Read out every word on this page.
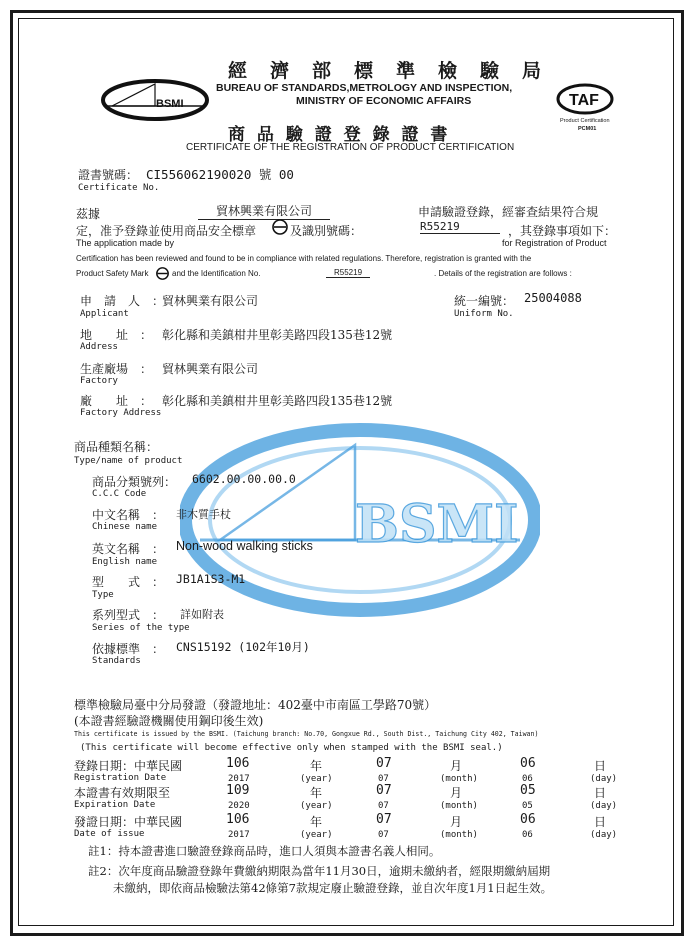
BSMI
BSMI
經　濟　部　標　準　檢　驗　局
BUREAU OF STANDARDS,METROLOGY AND INSPECTION,
MINISTRY OF ECONOMIC AFFAIRS	TAF
Product Certification
PCM01
商 品 驗 證 登 錄 證 書
CERTIFICATE OF THE REGISTRATION OF PRODUCT CERTIFICATION
證書號碼： CI556062190020 號 00
Certificate No.
茲據	貿林興業有限公司	申請驗證登錄，經審查結果符合規
定，准予登錄並使用商品安全標章	及識別號碼：	R55219	，其登錄事項如下：
The application made by	for Registration of Product
Certification has been reviewed and found to be in compliance with related regulations. Therefore, registration is granted with the
Product Safety Mark	and the Identification No.	R55219	. Details of the registration are follows :
申　請　人　：
貿林興業有限公司
Applicant
統一編號： 25004088
Uniform No.
地　　址　： 彰化縣和美鎮柑井里彰美路四段135巷12號
Address
生產廠場　： 貿林興業有限公司
Factory
廠　　址　： 彰化縣和美鎮柑井里彰美路四段135巷12號
Factory Address
商品種類名稱：
Type/name of product
商品分類號列： 6602.00.00.00.0
C.C.C Code
中文名稱　： 非木質手杖
Chinese name
英文名稱　： Non-wood walking sticks
English name
型　　式　： JB1A1S3-M1
Type
系列型式　： 詳如附表
Series of the type
依據標準　： CNS15192 (102年10月)
Standards
標準檢驗局臺中分局發證（發證地址：402臺中市南區工學路70號）
(本證書經驗證機關使用鋼印後生效)
This certificate is issued by the BSMI. (Taichung branch: No.70, Gongxue Rd., South Dist., Taichung City 402, Taiwan)
(This certificate will become effective only when stamped with the BSMI seal.)
登錄日期：中華民國	106	年	07	月	06	日
Registration Date	2017	(year)	07	(month)	06	(day)
本證書有效期限至	109	年	07	月	05	日
Expiration Date	2020	(year)	07	(month)	05	(day)
發證日期：中華民國	106	年	07	月	06	日
Date of issue	2017	(year)	07	(month)	06	(day)
註1：持本證書進口驗證登錄商品時，進口人須與本證書名義人相同。
註2：次年度商品驗證登錄年費繳納期限為當年11月30日，逾期未繳納者，經限期繳納屆期
未繳納，即依商品檢驗法第42條第7款規定廢止驗證登錄，並自次年度1月1日起生效。
